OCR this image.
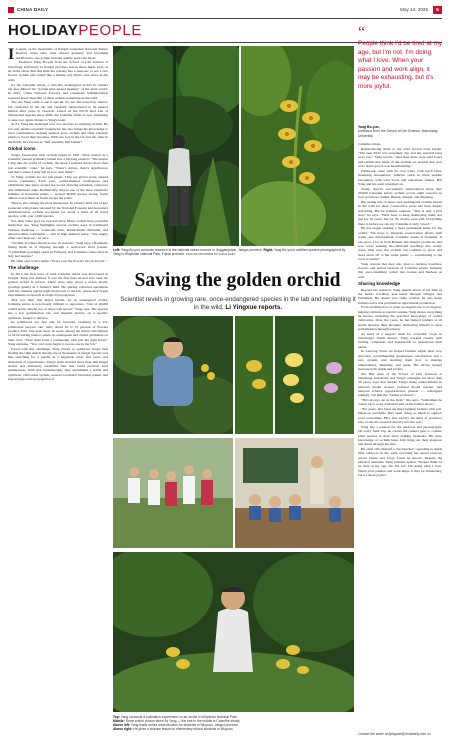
CHINA DAILY	May 14, 2025	5
HOLIDAYPEOPLE
I n April, as the mountains of Jiangxi Guanshan National Nature Reserve come alive with vibrant greenery and blooming wildflowers, one golden treasure quietly steals the show.

Professor Yang Bo-yun from the School of Life Science at Nanchang University in Jiangxi province leaves these fields well, as he visits often. But this time his journey has a purpose: to see a rare flower, golden and curled like a shrimp tail, thrive once more in the wild.

It's the Calanthe striata, a critically endangered orchid in clusters ten feet dubbed the "golden mist-turned monkey" of the plant world. In 2021, China National Forestry and Grassland Administration reported fewer than 500 of these orchids remaining in the wild.

The one Yang came to see is special. It's not discovered by chance, but cultivated in the lab and carefully reintroduced to its natural habitat after years of research. Listed on the IUCN Red List of Threatened Species since 2004, the Calanthe striata is now beginning to take root again, thanks to Yang's team.

At 61, Yang has dedicated over two decades to studying orchids. He not only pushes scientific boundaries but also brings his knowledge to rural communities, helping farmers grow orchids and other valuable plants to boost their incomes. With one foot in the lab and the other in the fields, he's known as "half scientist, half farmer".

Global icons

Yang's fascination with orchids began in 1991. What started as a scientific pursuit gradually turned into a lifelong passion. "The deeper I dug into the world of orchids, the more I realized there's more than just scientific value," he says. "There's culture, there's significance and that's where I truly fell in love with them."

To Yang, orchids are not just plants. They are global icons, adored across continents. Each year, orchid-themed conferences and exhibitions take place around the world, drawing scientists, collectors and enthusiasts alike. Remarkably, they're one of the most expensive families of flowering plants — around 30,000 species strong, found almost everywhere on Earth except the poles.

They're also among the most threatened. In China's 2021 list of key protected wild plants, released by the National Forestry and Grassland Administration, orchids accounted for about a third of all listed species, with over 1,000 species.

Yet, their value goes far beyond rarity. Many orchids have powerful medicinal use. Yang highlights several orchids used in traditional Chinese medicine — Gastrodia elata, Dendrobium officinale, and Anoectochilus roxburghii — still in high demand today. "The supply often can't keep up," he says.

"Orchids in China bloom across all seasons," Yang says, effortlessly listing them as if flipping through a well-worn field journal. "Cymbidium goeringii opens in February and Calanthe comes alive in July and August."

He often says with a smile: "Every rose the flowers bloom in Life."

The challenge

In 2011, the first trace of wild Calanthe striata was discovered in Jiangxi. Yang was thrilled. It was the first time he had ever seen the golden orchid in person. There were only about a dozen plants, growing quietly in a farmer's field. He quickly collected specimens with his students and brought them back to the lab, where they began experiments on biotech ecological propagation.

That was their first major hurdle. As an endangered orchid, Calanthe striata is notoriously difficult to reproduce. "Out of 10,000 orchid seeds, maybe two or three will sprout," Yang says. The species has a low germination rate and depends heavily on a specific symbiotic fungus to survive.

Its pollinators are few and far between, resulting in a low pollination success rate. Only about 10 to 15 percent of flowers produce fruit. Just even then, its seeds among the tiniest and lightest of all flowering plants contain no endosperm and cannot germinate on their own. "They must form a partnership with just the right fungi," Yang explains. "You can't even begin to rescue one in the lab."

Faced with this challenge, Yang turned to symbiotic fungi, first finding the right match among one of thousands of fungal species was like searching for a needle in a haystack. Over five years and thousands of experiments, Yang's team isolated more than 180 fungal strains and ultimately identified four that could promote seed germination. With that breakthrough, they established a stable and symbiotic cultivation system, secured a national invention patent, and began large-scale propagation of

Left: Yang Bo-yun conducts research in the national nature reserve in Jinggangshan, Jiangxi province. Right: Yang Bo-yun's certified species photographed by Yang in Wuyishan National Park, Fujian province. PHOTOS PROVIDED TO CHINA DAILY
Saving the golden orchid
Scientist revels in growing rare, once-endangered species in the lab and replanting it in the wild, Li Yingxue reports.
Top: Yang conducts a pollination experiment on an orchid in Wuyishan National Park.
Middle: Three orchid photos taken by Yang — the one in the middle is Calanthe striata.
Above left: Yang leads orchid reintroduction for students in Wuyuan, Jiangxi province.
Above right: He gives a science lesson to elementary school students in Wuyuan.
“
People think I'd be tired at my age, but I'm not. I'm doing what I love. When your passion and work align, it may be exhausting, but it's more joyful.
Yang Bo-yun,
professor from the School of Life Science, Nanchang University

Calanthe striata.

Reintroducing them to the wild proved even harder. "The year 2022 was extremely dry, and the survival rates were low," Yang recalls. "And then there were wild boars and rabbits that made of the orchids we planted that year were destroyed. It was heartbreaking."

Fieldwork came with its own trials, with leech bites, mounting mosquitoes, vehicles stuck in mud, sudden encounters with wild boars and venomous snakes. But Yang and his team ploughed on.

Today, they've successfully reintroduced more than 30,000 Calanthe striata orchids across eight reserves in four provinces: Anhui, Hunan, Jiangxi, and Zhejiang.

But seeing one of these once-endangered orchids bloom in the wild for three consecutive years has been deeply rewarding. But he remains cautious. "This is only a first step," he says. "We'll need to keep monitoring them, not just for 10 years, but for 30, maybe even 100. Everything there is before we can say Calanthe is truly 'saved'."

He has begun seeking a more permanent home for the orchid. "We hope to integrate conservation efforts with scenic site development. Calanthe striata is beautiful. It can grow a lot in both Hainan and Jiangxi provinces, and now we're seeking lab-cultivated seedlings into scenic areas. That way, the orchids can continue to grow and more show off to the wider public — contributing to the local economy."

Yang reveals that they also plan to develop branches, flowers and potted versions of Calanthe striata, bringing this once-vanishing orchid into homes and markets as well.

Sharing knowledge

Beyond his research, Yang spends much of his time in the fields, traveling year-round through villages and farmlands. He doesn't just study orchids, he also helps farmers solve real problems in agricultural production.

From teaching how to plant an elegant tree to ecological, helping cultivate economic returns, Yang shares everything he knows, including the practical knowledge of orchid cultivation. Over the years, he has helped farmers at all levels increase their incomes, dedicating himself to rural revitalization through science.

As head of a support team for economic crops in Nanchang's Wanli district, Yang worked closely with leading companies and households to understand their needs.

In Luolong Town, he helped farmers adjust their crop structure: recommending greenhouse construction and a new system, and teaching them how to manage temperatures, humidity, and pests. His advice helped increase both yields and profits.

Xia Bin, dean of the School of Life Sciences at Nanchang University and Yang's colleague for more than 30 years, says that despite Yang's many achievements in national model worker, national model teacher, and national science popularization pioneer — colleagues jokingly call him the "farmer professor".

"He's always out in the field," Xia says. "Sometimes he comes up to work with mud still on his leather shoes."

"For years, he's been out there helping farmers with soil, hands-on problems. He's been doing so much to support local economies. He's also exactly the kind of professor who writes his research directly into the soil."

Yang has a passion for the outdoors and photography. On every field trip, he carries his camera gear to capture plant species at their most striking moments. His deep knowledge of orchids helps him bring out their elegance and detail through the lens.

He often calls himself a "backpacker", spending so much time outdoors in the wild, rewriting his nature reserves across China and every forest he knows. Despite the physical demands, Yang remains upbeat. "People think I'd be tired at my age, but I'm not. I'm doing what I love. When your passion and work align, it may be exhausting, but it's more joyful."

Contact the writer at liyingxue@chinadaily.com.cn
